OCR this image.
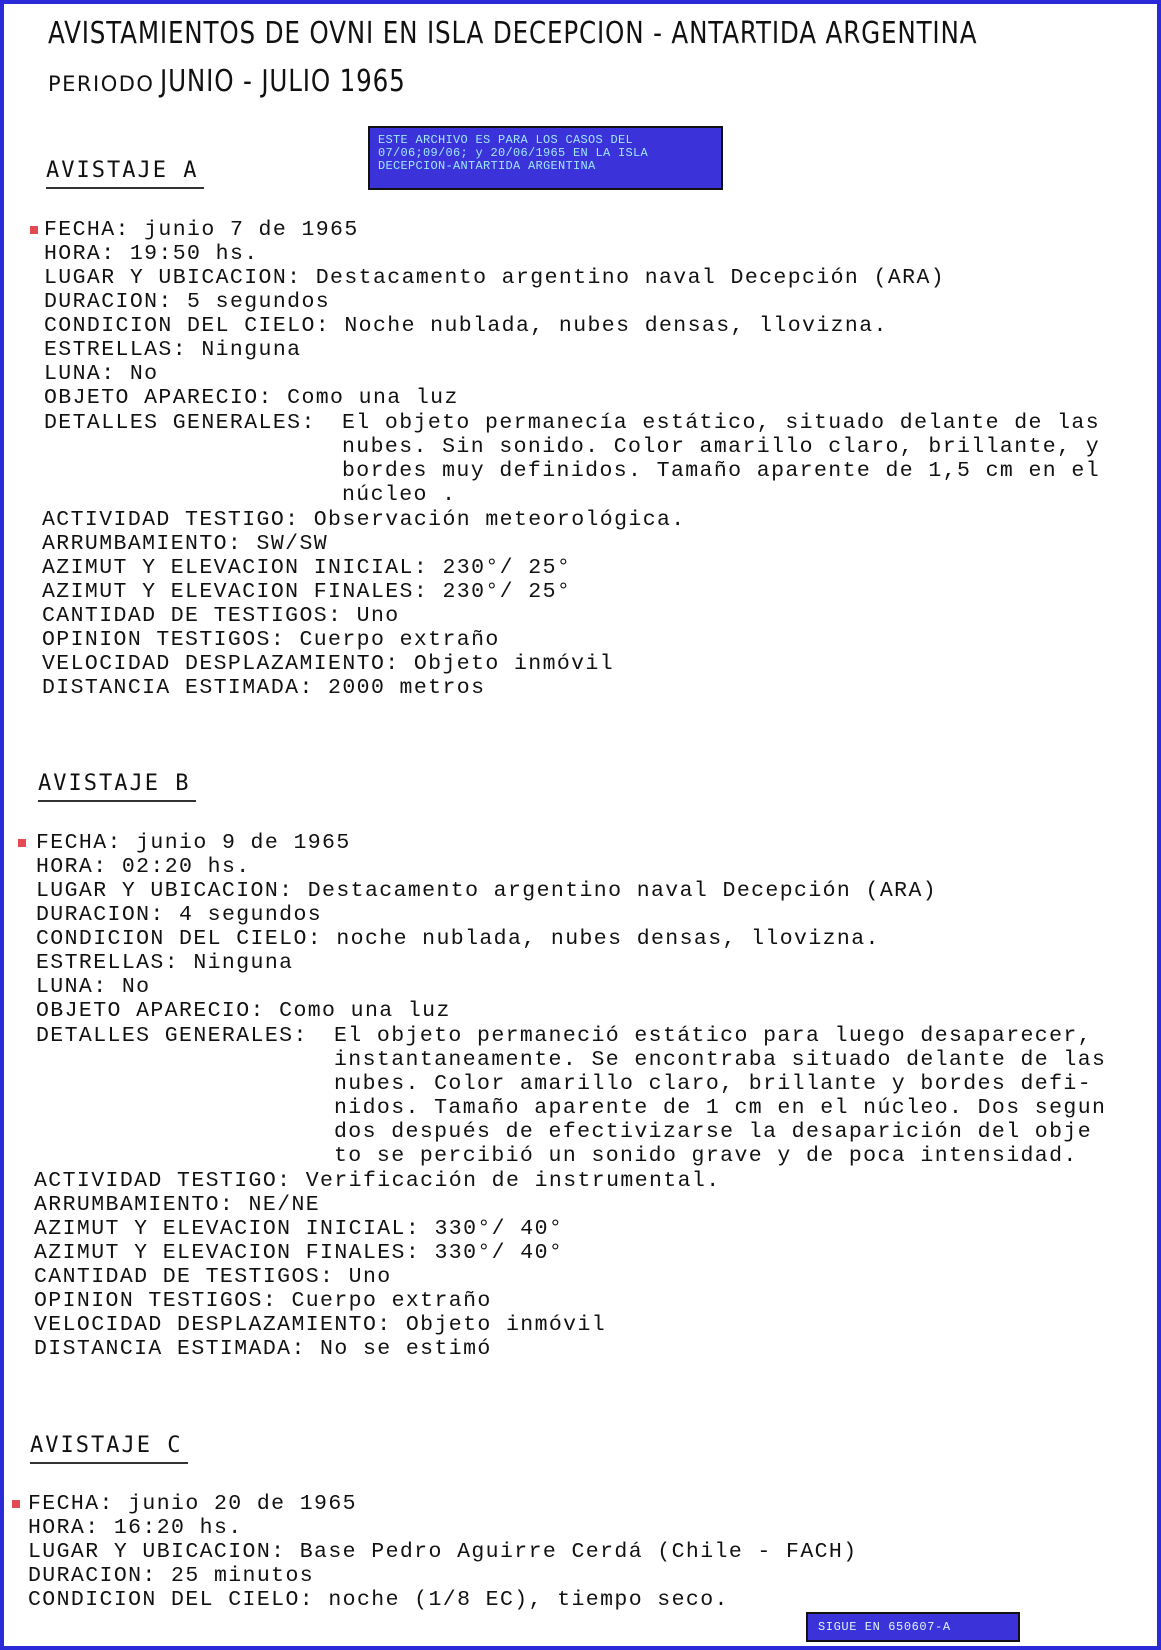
AVISTAMIENTOS DE OVNI EN ISLA DECEPCION - ANTARTIDA ARGENTINA
PERIODO JUNIO - JULIO 1965
ESTE ARCHIVO ES PARA LOS CASOS DEL 07/06;09/06; y 20/06/1965 EN LA ISLA DECEPCION-ANTARTIDA ARGENTINA
AVISTAJE A
FECHA: junio 7 de 1965
HORA: 19:50 hs.
LUGAR Y UBICACION: Destacamento argentino naval Decepción (ARA)
DURACION: 5 segundos
CONDICION DEL CIELO: Noche nublada, nubes densas, llovizna.
ESTRELLAS: Ninguna
LUNA: No
OBJETO APARECIO: Como una luz
DETALLES GENERALES: El objeto permanecía estático, situado delante de las
nubes. Sin sonido. Color amarillo claro, brillante, y
bordes muy definidos. Tamaño aparente de 1,5 cm en el
núcleo .
ACTIVIDAD TESTIGO: Observación meteorológica.
ARRUMBAMIENTO: SW/SW
AZIMUT Y ELEVACION INICIAL: 230°/ 25°
AZIMUT Y ELEVACION FINALES: 230°/ 25°
CANTIDAD DE TESTIGOS: Uno
OPINION TESTIGOS: Cuerpo extraño
VELOCIDAD DESPLAZAMIENTO: Objeto inmóvil
DISTANCIA ESTIMADA: 2000 metros
AVISTAJE B
FECHA: junio 9 de 1965
HORA: 02:20 hs.
LUGAR Y UBICACION: Destacamento argentino naval Decepción (ARA)
DURACION: 4 segundos
CONDICION DEL CIELO: noche nublada, nubes densas, llovizna.
ESTRELLAS: Ninguna
LUNA: No
OBJETO APARECIO: Como una luz
DETALLES GENERALES: El objeto permaneció estático para luego desaparecer,
instantaneamente. Se encontraba situado delante de las
nubes. Color amarillo claro, brillante y bordes defi-
nidos. Tamaño aparente de 1 cm en el núcleo. Dos segun
dos después de efectivizarse la desaparición del obje
to se percibió un sonido grave y de poca intensidad.
ACTIVIDAD TESTIGO: Verificación de instrumental.
ARRUMBAMIENTO: NE/NE
AZIMUT Y ELEVACION INICIAL: 330°/ 40°
AZIMUT Y ELEVACION FINALES: 330°/ 40°
CANTIDAD DE TESTIGOS: Uno
OPINION TESTIGOS: Cuerpo extraño
VELOCIDAD DESPLAZAMIENTO: Objeto inmóvil
DISTANCIA ESTIMADA: No se estimó
AVISTAJE C
FECHA: junio 20 de 1965
HORA: 16:20 hs.
LUGAR Y UBICACION: Base Pedro Aguirre Cerdá (Chile - FACH)
DURACION: 25 minutos
CONDICION DEL CIELO: noche (1/8 EC), tiempo seco.
SIGUE EN 650607-A
